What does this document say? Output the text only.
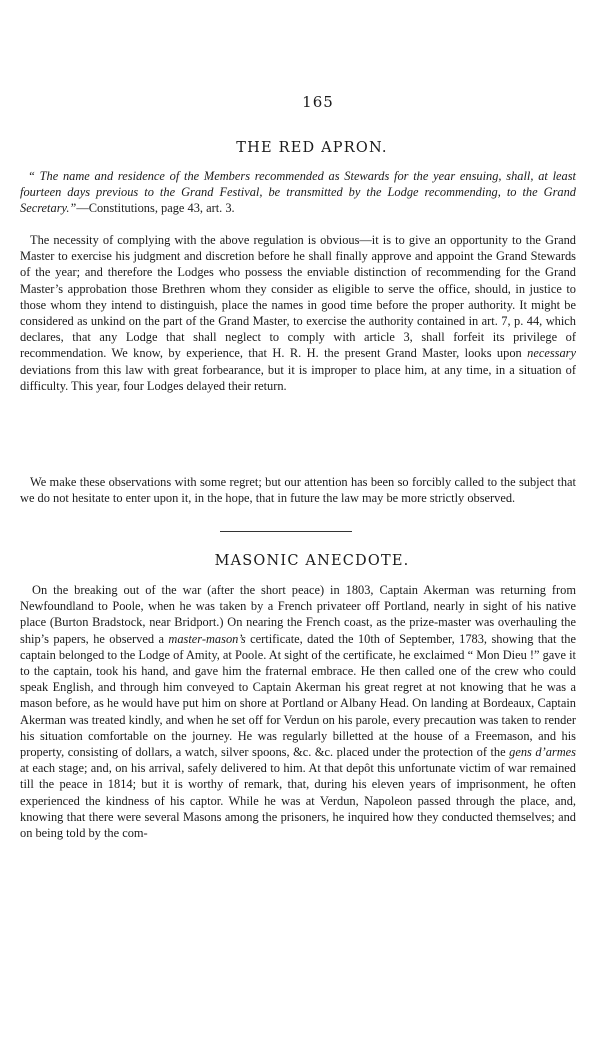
165
THE RED APRON.

“ The name and residence of the Members recommended as Stewards for the year ensuing, shall, at least fourteen days previous to the Grand Festival, be transmitted by the Lodge recommending, to the Grand Secretary.”—Constitutions, page 43, art. 3.

The necessity of complying with the above regulation is obvious—it is to give an opportunity to the Grand Master to exercise his judgment and discretion before he shall finally approve and appoint the Grand Stewards of the year; and therefore the Lodges who possess the enviable distinction of recommending for the Grand Master’s approbation those Brethren whom they consider as eligible to serve the office, should, in justice to those whom they intend to distinguish, place the names in good time before the proper authority. It might be considered as unkind on the part of the Grand Master, to exercise the authority contained in art. 7, p. 44, which declares, that any Lodge that shall neglect to comply with article 3, shall forfeit its privilege of recommendation. We know, by experience, that H. R. H. the present Grand Master, looks upon necessary deviations from this law with great forbearance, but it is improper to place him, at any time, in a situation of difficulty. This year, four Lodges delayed their return.

We make these observations with some regret; but our attention has been so forcibly called to the subject that we do not hesitate to enter upon it, in the hope, that in future the law may be more strictly observed.

MASONIC ANECDOTE.

On the breaking out of the war (after the short peace) in 1803, Captain Akerman was returning from Newfoundland to Poole, when he was taken by a French privateer off Portland, nearly in sight of his native place (Burton Bradstock, near Bridport.) On nearing the French coast, as the prize-master was overhauling the ship’s papers, he observed a master-mason’s certificate, dated the 10th of September, 1783, showing that the captain belonged to the Lodge of Amity, at Poole. At sight of the certificate, he exclaimed “ Mon Dieu !” gave it to the captain, took his hand, and gave him the fraternal embrace. He then called one of the crew who could speak English, and through him conveyed to Captain Akerman his great regret at not knowing that he was a mason before, as he would have put him on shore at Portland or Albany Head. On landing at Bordeaux, Captain Akerman was treated kindly, and when he set off for Verdun on his parole, every precaution was taken to render his situation comfortable on the journey. He was regularly billetted at the house of a Freemason, and his property, consisting of dollars, a watch, silver spoons, &c. &c. placed under the protection of the gens d’armes at each stage; and, on his arrival, safely delivered to him. At that depôt this unfortunate victim of war remained till the peace in 1814; but it is worthy of remark, that, during his eleven years of imprisonment, he often experienced the kindness of his captor. While he was at Verdun, Napoleon passed through the place, and, knowing that there were several Masons among the prisoners, he inquired how they conducted themselves; and on being told by the com-
